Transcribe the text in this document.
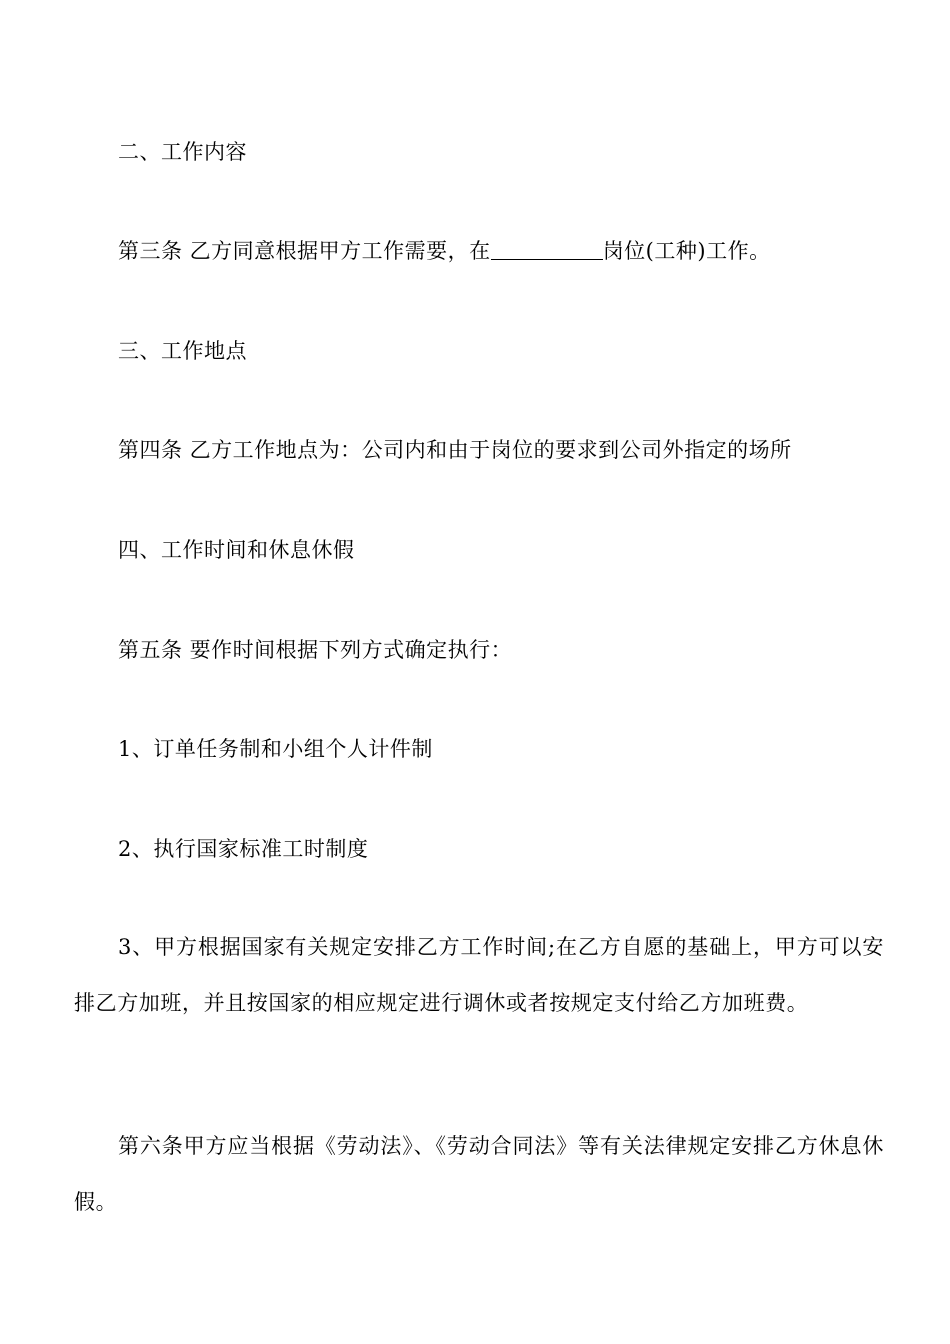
二、工作内容
第三条 乙方同意根据甲方工作需要，在	岗位(工种)工作。
三、工作地点
第四条 乙方工作地点为：公司内和由于岗位的要求到公司外指定的场所
四、工作时间和休息休假
第五条 要作时间根据下列方式确定执行：
1、订单任务制和小组个人计件制
2、执行国家标准工时制度
3、甲方根据国家有关规定安排乙方工作时间;在乙方自愿的基础上，甲方可以安排乙方加班，并且按国家的相应规定进行调休或者按规定支付给乙方加班费。
第六条甲方应当根据《劳动法》、《劳动合同法》等有关法律规定安排乙方休息休假。
